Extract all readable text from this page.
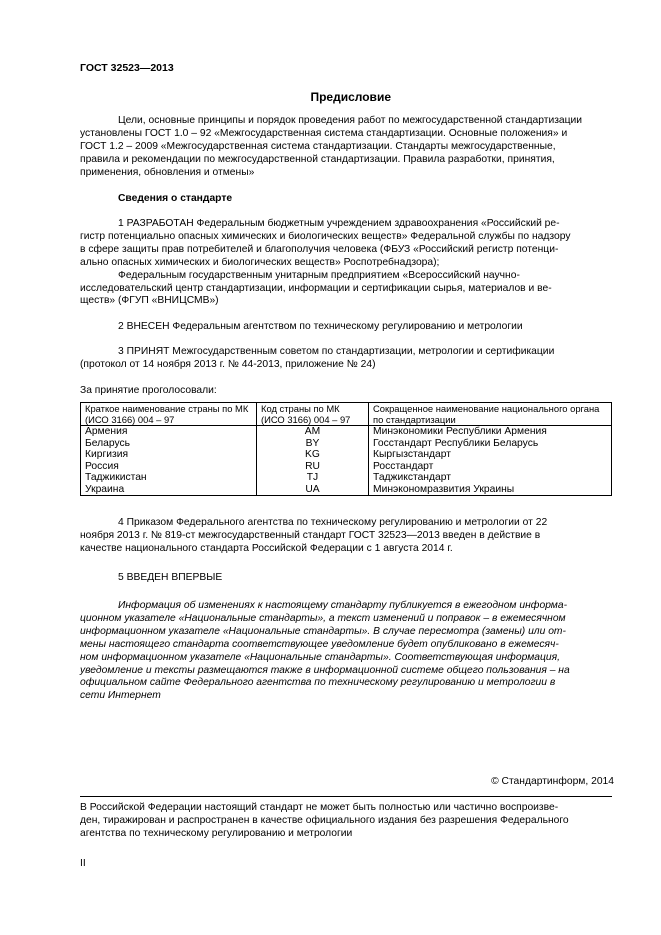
ГОСТ 32523—2013
Предисловие
Цели, основные принципы и порядок проведения работ по межгосударственной стандартизации
установлены ГОСТ 1.0 – 92 «Межгосударственная система стандартизации. Основные положения» и
ГОСТ 1.2 – 2009 «Межгосударственная система стандартизации. Стандарты межгосударственные,
правила и рекомендации по межгосударственной стандартизации. Правила разработки, принятия,
применения, обновления и отмены»
Сведения о стандарте
1 РАЗРАБОТАН Федеральным бюджетным учреждением здравоохранения «Российский ре-
гистр потенциально опасных химических и биологических веществ» Федеральной службы по надзору
в сфере защиты прав потребителей и благополучия человека (ФБУЗ «Российский регистр потенци-
ально опасных химических и биологических веществ» Роспотребнадзора);
Федеральным государственным унитарным предприятием «Всероссийский научно-
исследовательский центр стандартизации, информации и сертификации сырья, материалов и ве-
ществ» (ФГУП «ВНИЦСМВ»)
2 ВНЕСЕН Федеральным агентством по техническому регулированию и метрологии
3 ПРИНЯТ Межгосударственным советом по стандартизации, метрологии и сертификации
(протокол от 14 ноября 2013 г. № 44-2013, приложение № 24)
За принятие проголосовали:
Краткое наименование страны по МК (ИСО 3166) 004 – 97	Код страны по МК (ИСО 3166) 004 – 97	Сокращенное наименование национального органа по стандартизации
Армения	AM	Минэкономики Республики Армения
Беларусь	BY	Госстандарт Республики Беларусь
Киргизия	KG	Кыргызстандарт
Россия	RU	Росстандарт
Таджикистан	TJ	Таджикстандарт
Украина	UA	Минэкономразвития Украины
4 Приказом Федерального агентства по техническому регулированию и метрологии от 22
ноября 2013 г. № 819-ст межгосударственный стандарт ГОСТ 32523—2013 введен в действие в
качестве национального стандарта Российской Федерации с 1 августа 2014 г.
5 ВВЕДЕН ВПЕРВЫЕ
Информация об изменениях к настоящему стандарту публикуется в ежегодном информа-
ционном указателе «Национальные стандарты», а текст изменений и поправок – в ежемесячном
информационном указателе «Национальные стандарты». В случае пересмотра (замены) или от-
мены настоящего стандарта соответствующее уведомление будет опубликовано в ежемесяч-
ном информационном указателе «Национальные стандарты». Соответствующая информация,
уведомление и тексты размещаются также в информационной системе общего пользования – на
официальном сайте Федерального агентства по техническому регулированию и метрологии в
сети Интернет
© Стандартинформ, 2014
В Российской Федерации настоящий стандарт не может быть полностью или частично воспроизве-
ден, тиражирован и распространен в качестве официального издания без разрешения Федерального
агентства по техническому регулированию и метрологии
II
